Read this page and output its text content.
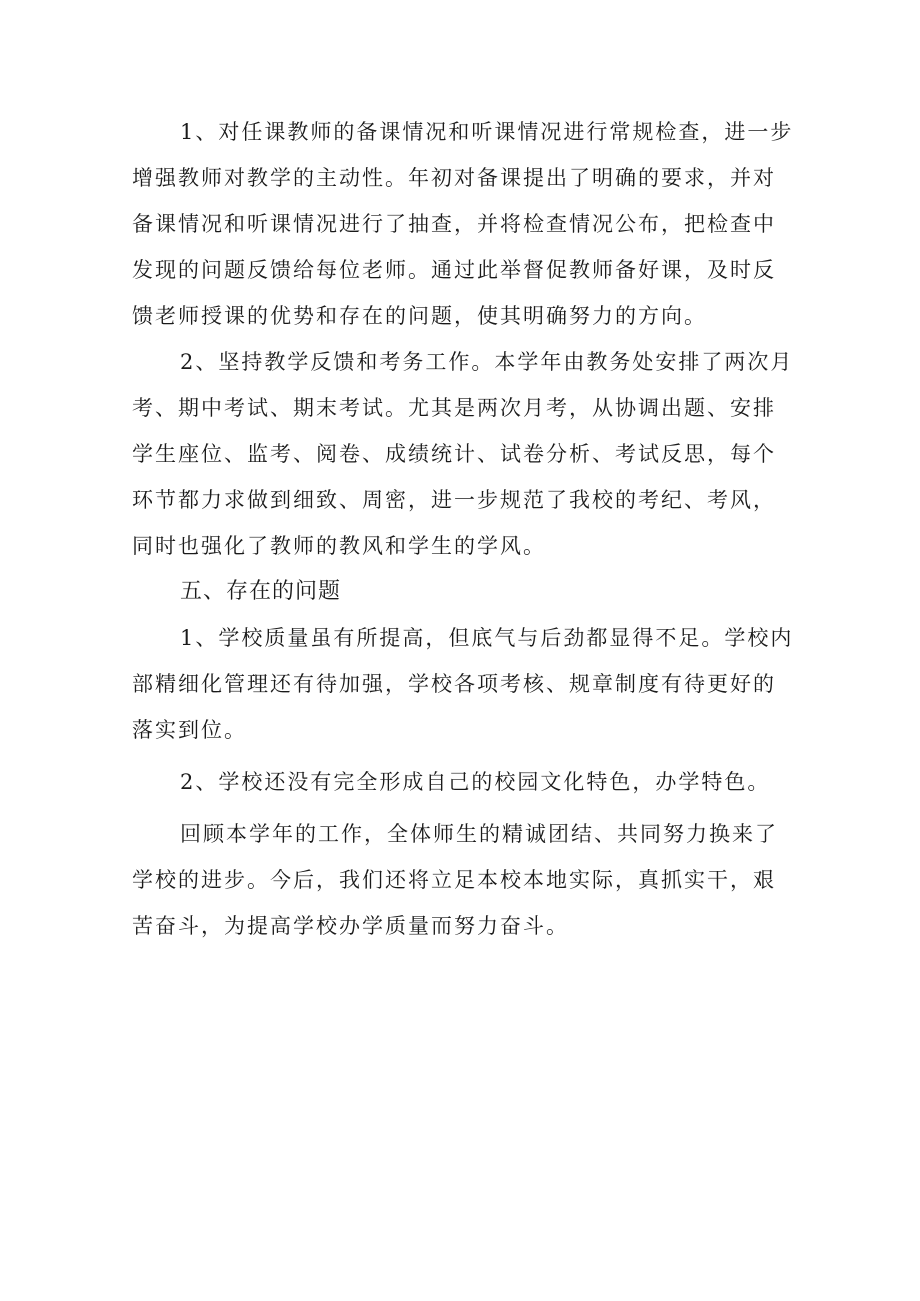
1、对任课教师的备课情况和听课情况进行常规检查，进一步
增强教师对教学的主动性。年初对备课提出了明确的要求，并对
备课情况和听课情况进行了抽查，并将检查情况公布，把检查中
发现的问题反馈给每位老师。通过此举督促教师备好课，及时反
馈老师授课的优势和存在的问题，使其明确努力的方向。
2、坚持教学反馈和考务工作。本学年由教务处安排了两次月
考、期中考试、期末考试。尤其是两次月考，从协调出题、安排
学生座位、监考、阅卷、成绩统计、试卷分析、考试反思，每个
环节都力求做到细致、周密，进一步规范了我校的考纪、考风，
同时也强化了教师的教风和学生的学风。
五、存在的问题
1、学校质量虽有所提高，但底气与后劲都显得不足。学校内
部精细化管理还有待加强，学校各项考核、规章制度有待更好的
落实到位。
2、学校还没有完全形成自己的校园文化特色，办学特色。
回顾本学年的工作，全体师生的精诚团结、共同努力换来了
学校的进步。今后，我们还将立足本校本地实际，真抓实干，艰
苦奋斗，为提高学校办学质量而努力奋斗。
